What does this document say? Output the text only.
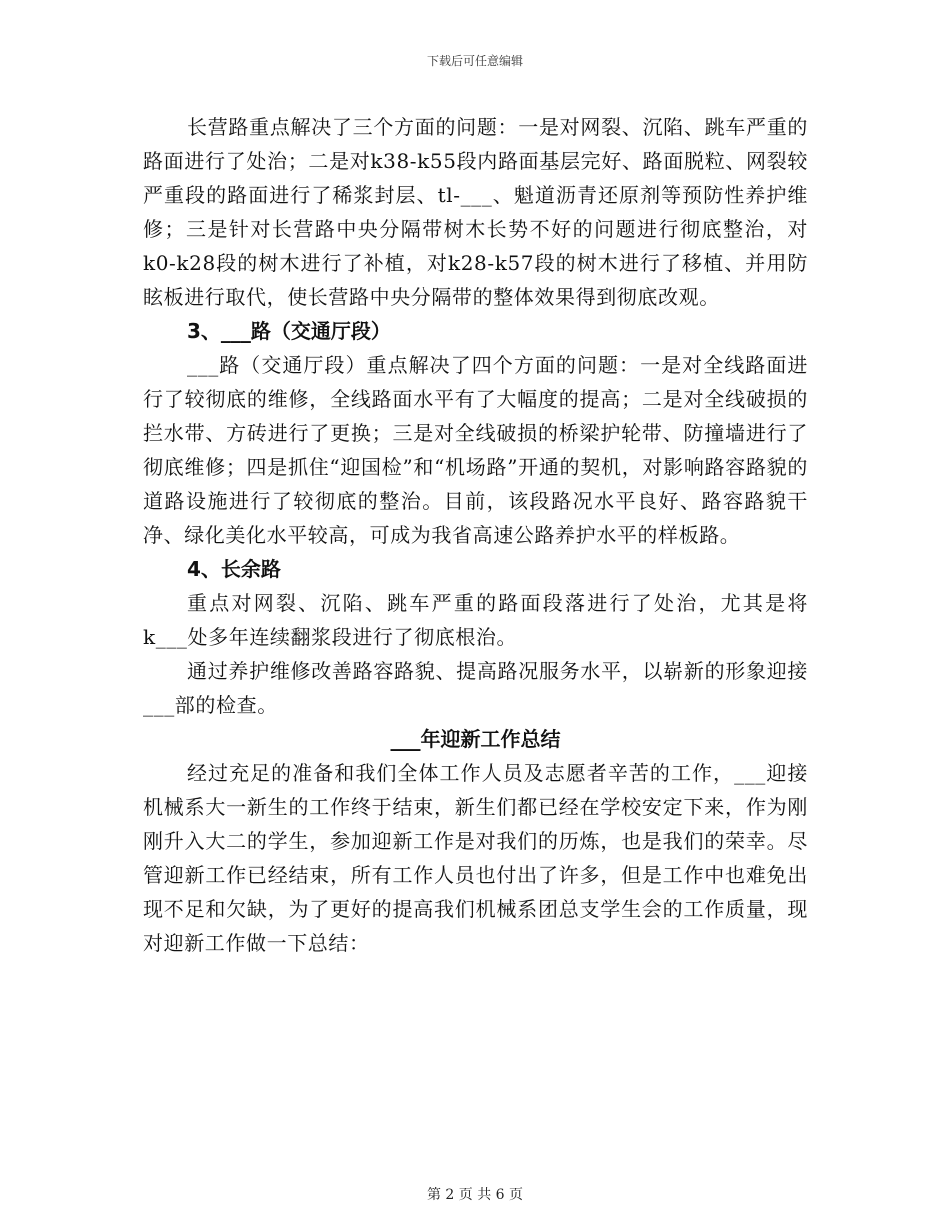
下载后可任意编辑

长营路重点解决了三个方面的问题：一是对网裂、沉陷、跳车严重的路面进行了处治；二是对k38-k55段内路面基层完好、路面脱粒、网裂较严重段的路面进行了稀浆封层、tl-___、魁道沥青还原剂等预防性养护维修；三是针对长营路中央分隔带树木长势不好的问题进行彻底整治，对k0-k28段的树木进行了补植，对k28-k57段的树木进行了移植、并用防眩板进行取代，使长营路中央分隔带的整体效果得到彻底改观。

3、___路（交通厅段）

___路（交通厅段）重点解决了四个方面的问题：一是对全线路面进行了较彻底的维修，全线路面水平有了大幅度的提高；二是对全线破损的拦水带、方砖进行了更换；三是对全线破损的桥梁护轮带、防撞墙进行了彻底维修；四是抓住“迎国检”和“机场路”开通的契机，对影响路容路貌的道路设施进行了较彻底的整治。目前，该段路况水平良好、路容路貌干净、绿化美化水平较高，可成为我省高速公路养护水平的样板路。

4、长余路

重点对网裂、沉陷、跳车严重的路面段落进行了处治，尤其是将k___处多年连续翻浆段进行了彻底根治。

通过养护维修改善路容路貌、提高路况服务水平，以崭新的形象迎接___部的检查。

___年迎新工作总结

经过充足的准备和我们全体工作人员及志愿者辛苦的工作，___迎接机械系大一新生的工作终于结束，新生们都已经在学校安定下来，作为刚刚升入大二的学生，参加迎新工作是对我们的历炼，也是我们的荣幸。尽管迎新工作已经结束，所有工作人员也付出了许多，但是工作中也难免出现不足和欠缺，为了更好的提高我们机械系团总支学生会的工作质量，现对迎新工作做一下总结：

第 2 页 共 6 页
